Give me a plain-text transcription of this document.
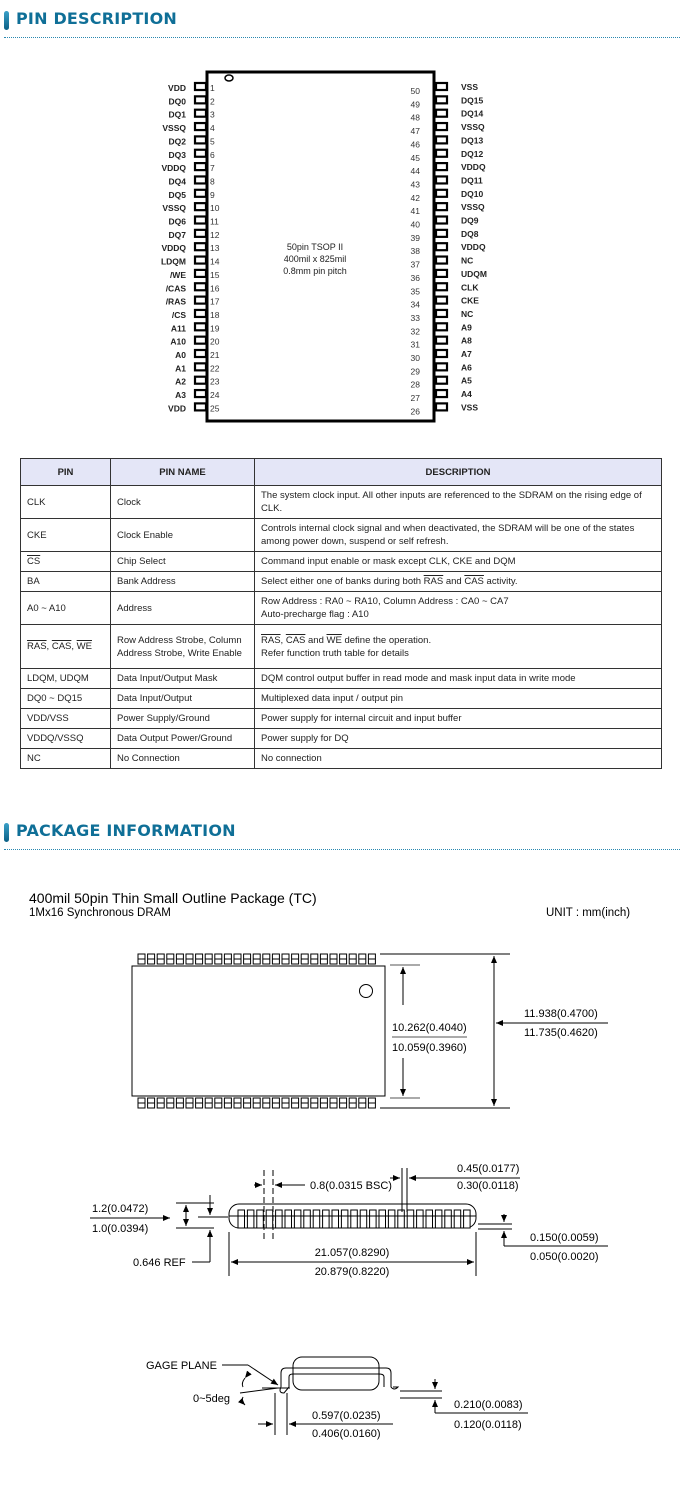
PIN DESCRIPTION
50pin TSOP II
400mil x 825mil
0.8mm pin pitch
1
VDD
2
DQ0
3
DQ1
4
VSSQ
5
DQ2
6
DQ3
7
VDDQ
8
DQ4
9
DQ5
10
VSSQ
11
DQ6
12
DQ7
13
VDDQ
14
LDQM
15
/WE
16
/CAS
17
/RAS
18
/CS
19
A11
20
A10
21
A0
22
A1
23
A2
24
A3
25
VDD
50	VSS
49	DQ15
48	DQ14
47	VSSQ
46	DQ13
45	DQ12
44	VDDQ
43	DQ11
42	DQ10
41	VSSQ
40	DQ9
39	DQ8
38	VDDQ
37	NC
36	UDQM
35	CLK
34	CKE
33	NC
32	A9
31	A8
30	A7
29	A6
28	A5
27	A4
26	VSS
PIN	PIN NAME	DESCRIPTION
CLK	Clock	The system clock input. All other inputs are referenced to the SDRAM on the rising edge of CLK.
CKE	Clock Enable	Controls internal clock signal and when deactivated, the SDRAM will be one of the states among power down, suspend or self refresh.
$\overline{CS}$	Chip Select	Command input enable or mask except CLK, CKE and DQM
BA	Bank Address	Select either one of banks during both $\overline{RAS}$ and $\overline{CAS}$ activity.
A0 ~ A10	Address	Row Address : RA0 ~ RA10, Column Address : CA0 ~ CA7
Auto-precharge flag : A10

$\overline{RAS}$, $\overline{CAS}$, $\overline{WE}$	Row Address Strobe, Column Address Strobe, Write Enable	$\overline{RAS}$, $\overline{CAS}$ and $\overline{WE}$ define the operation.
Refer function truth table for details

LDQM, UDQM	Data Input/Output Mask	DQM control output buffer in read mode and mask input data in write mode
DQ0 ~ DQ15	Data Input/Output	Multiplexed data input / output pin
VDD/VSS	Power Supply/Ground	Power supply for internal circuit and input buffer
VDDQ/VSSQ	Data Output Power/Ground	Power supply for DQ
NC	No Connection	No connection
PACKAGE INFORMATION
400mil 50pin Thin Small Outline Package (TC)
1Mx16 Synchronous DRAM	UNIT : mm(inch)
10.262(0.4040)
10.059(0.3960)
11.938(0.4700)
11.735(0.4620)
0.8(0.0315 BSC)
0.45(0.0177)
0.30(0.0118)
1.2(0.0472)
1.0(0.0394)
0.646 REF
21.057(0.8290)
20.879(0.8220)
0.150(0.0059)
0.050(0.0020)
GAGE PLANE
0~5deg
0.597(0.0235)
0.406(0.0160)
0.210(0.0083)
0.120(0.0118)
